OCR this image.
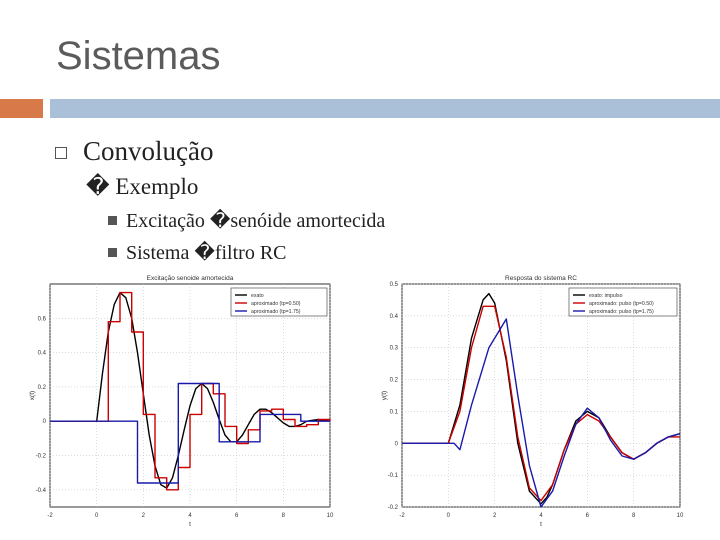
Sistemas
Convolução
� Exemplo
Excitação �senóide amortecida
Sistema �filtro RC
-2	0	2	4	6	8	10
-0.4
-0.2
0
0.2
0.4
0.6
Excitação senoide amortecida
t
x(t)
exato
aproximado (tp=0.50)
aproximado (tp=1.75)
-2	0	2	4	6	8	10
-0.2
-0.1
0
0.1
0.2
0.3
0.4
0.5
Resposta do sistema RC
t
y(t)
exato: impulso
aproximado: pulso (tp=0.50)
aproximado: pulso (tp=1.75)
